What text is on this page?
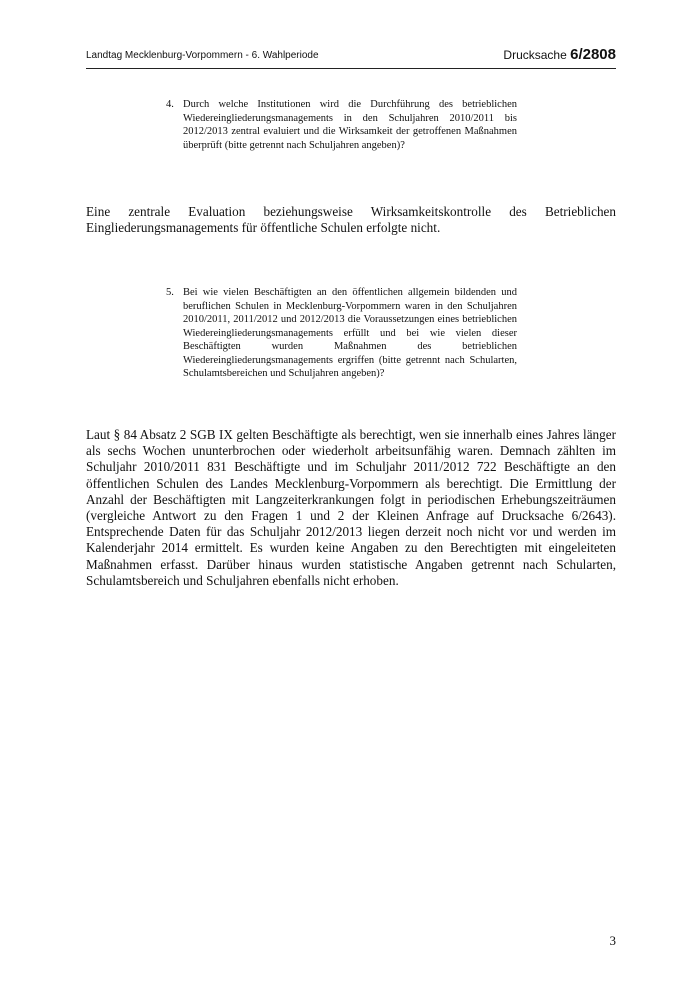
Landtag Mecklenburg-Vorpommern - 6. Wahlperiode	Drucksache 6/2808
4. Durch welche Institutionen wird die Durchführung des betrieblichen Wiedereingliederungsmanagements in den Schuljahren 2010/2011 bis 2012/2013 zentral evaluiert und die Wirksamkeit der getroffenen Maßnahmen überprüft (bitte getrennt nach Schuljahren angeben)?

Eine zentrale Evaluation beziehungsweise Wirksamkeitskontrolle des Betrieblichen Eingliederungsmanagements für öffentliche Schulen erfolgte nicht.

5. Bei wie vielen Beschäftigten an den öffentlichen allgemein bildenden und beruflichen Schulen in Mecklenburg-Vorpommern waren in den Schuljahren 2010/2011, 2011/2012 und 2012/2013 die Voraussetzungen eines betrieblichen Wiedereingliederungsmanagements erfüllt und bei wie vielen dieser Beschäftigten wurden Maßnahmen des betrieblichen Wiedereingliederungsmanagements ergriffen (bitte getrennt nach Schularten, Schulamtsbereichen und Schuljahren angeben)?

Laut § 84 Absatz 2 SGB IX gelten Beschäftigte als berechtigt, wen sie innerhalb eines Jahres länger als sechs Wochen ununterbrochen oder wiederholt arbeitsunfähig waren. Demnach zählten im Schuljahr 2010/2011 831 Beschäftigte und im Schuljahr 2011/2012 722 Beschäftigte an den öffentlichen Schulen des Landes Mecklenburg-Vorpommern als berechtigt. Die Ermittlung der Anzahl der Beschäftigten mit Langzeiterkrankungen folgt in periodischen Erhebungszeiträumen (vergleiche Antwort zu den Fragen 1 und 2 der Kleinen Anfrage auf Drucksache 6/2643). Entsprechende Daten für das Schuljahr 2012/2013 liegen derzeit noch nicht vor und werden im Kalenderjahr 2014 ermittelt. Es wurden keine Angaben zu den Berechtigten mit eingeleiteten Maßnahmen erfasst. Darüber hinaus wurden statistische Angaben getrennt nach Schularten, Schulamtsbereich und Schuljahren ebenfalls nicht erhoben.

3
